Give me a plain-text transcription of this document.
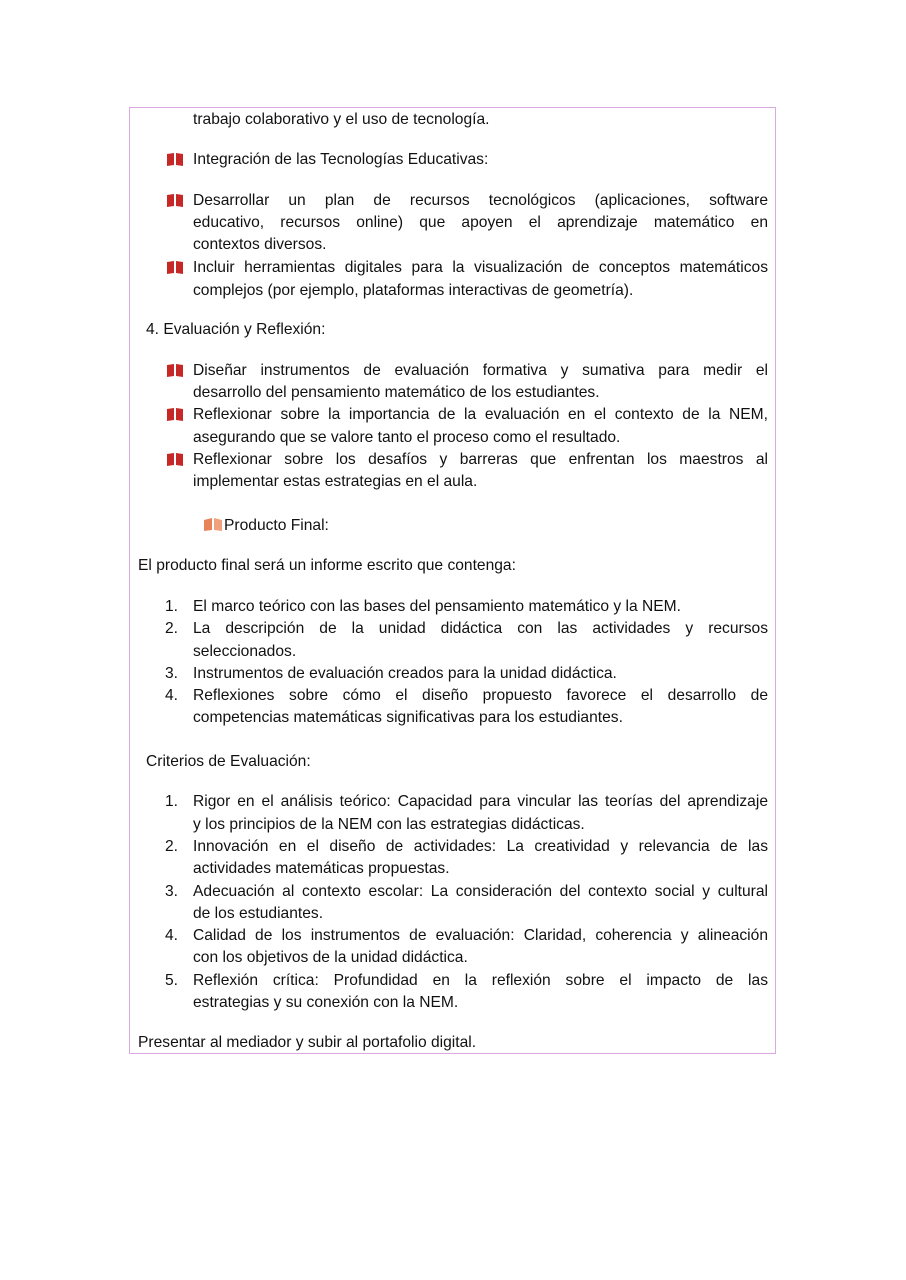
trabajo colaborativo y el uso de tecnología.
Integración de las Tecnologías Educativas:
Desarrollar un plan de recursos tecnológicos (aplicaciones, software
educativo, recursos online) que apoyen el aprendizaje matemático en
contextos diversos.
Incluir herramientas digitales para la visualización de conceptos matemáticos
complejos (por ejemplo, plataformas interactivas de geometría).
4. Evaluación y Reflexión:
Diseñar instrumentos de evaluación formativa y sumativa para medir el
desarrollo del pensamiento matemático de los estudiantes.
Reflexionar sobre la importancia de la evaluación en el contexto de la NEM,
asegurando que se valore tanto el proceso como el resultado.
Reflexionar sobre los desafíos y barreras que enfrentan los maestros al
implementar estas estrategias en el aula.
Producto Final:
El producto final será un informe escrito que contenga:
1. El marco teórico con las bases del pensamiento matemático y la NEM.
2. La descripción de la unidad didáctica con las actividades y recursos
seleccionados.
3. Instrumentos de evaluación creados para la unidad didáctica.
4. Reflexiones sobre cómo el diseño propuesto favorece el desarrollo de
competencias matemáticas significativas para los estudiantes.
Criterios de Evaluación:
1. Rigor en el análisis teórico: Capacidad para vincular las teorías del aprendizaje
y los principios de la NEM con las estrategias didácticas.
2. Innovación en el diseño de actividades: La creatividad y relevancia de las
actividades matemáticas propuestas.
3. Adecuación al contexto escolar: La consideración del contexto social y cultural
de los estudiantes.
4. Calidad de los instrumentos de evaluación: Claridad, coherencia y alineación
con los objetivos de la unidad didáctica.
5. Reflexión crítica: Profundidad en la reflexión sobre el impacto de las
estrategias y su conexión con la NEM.
Presentar al mediador y subir al portafolio digital.
